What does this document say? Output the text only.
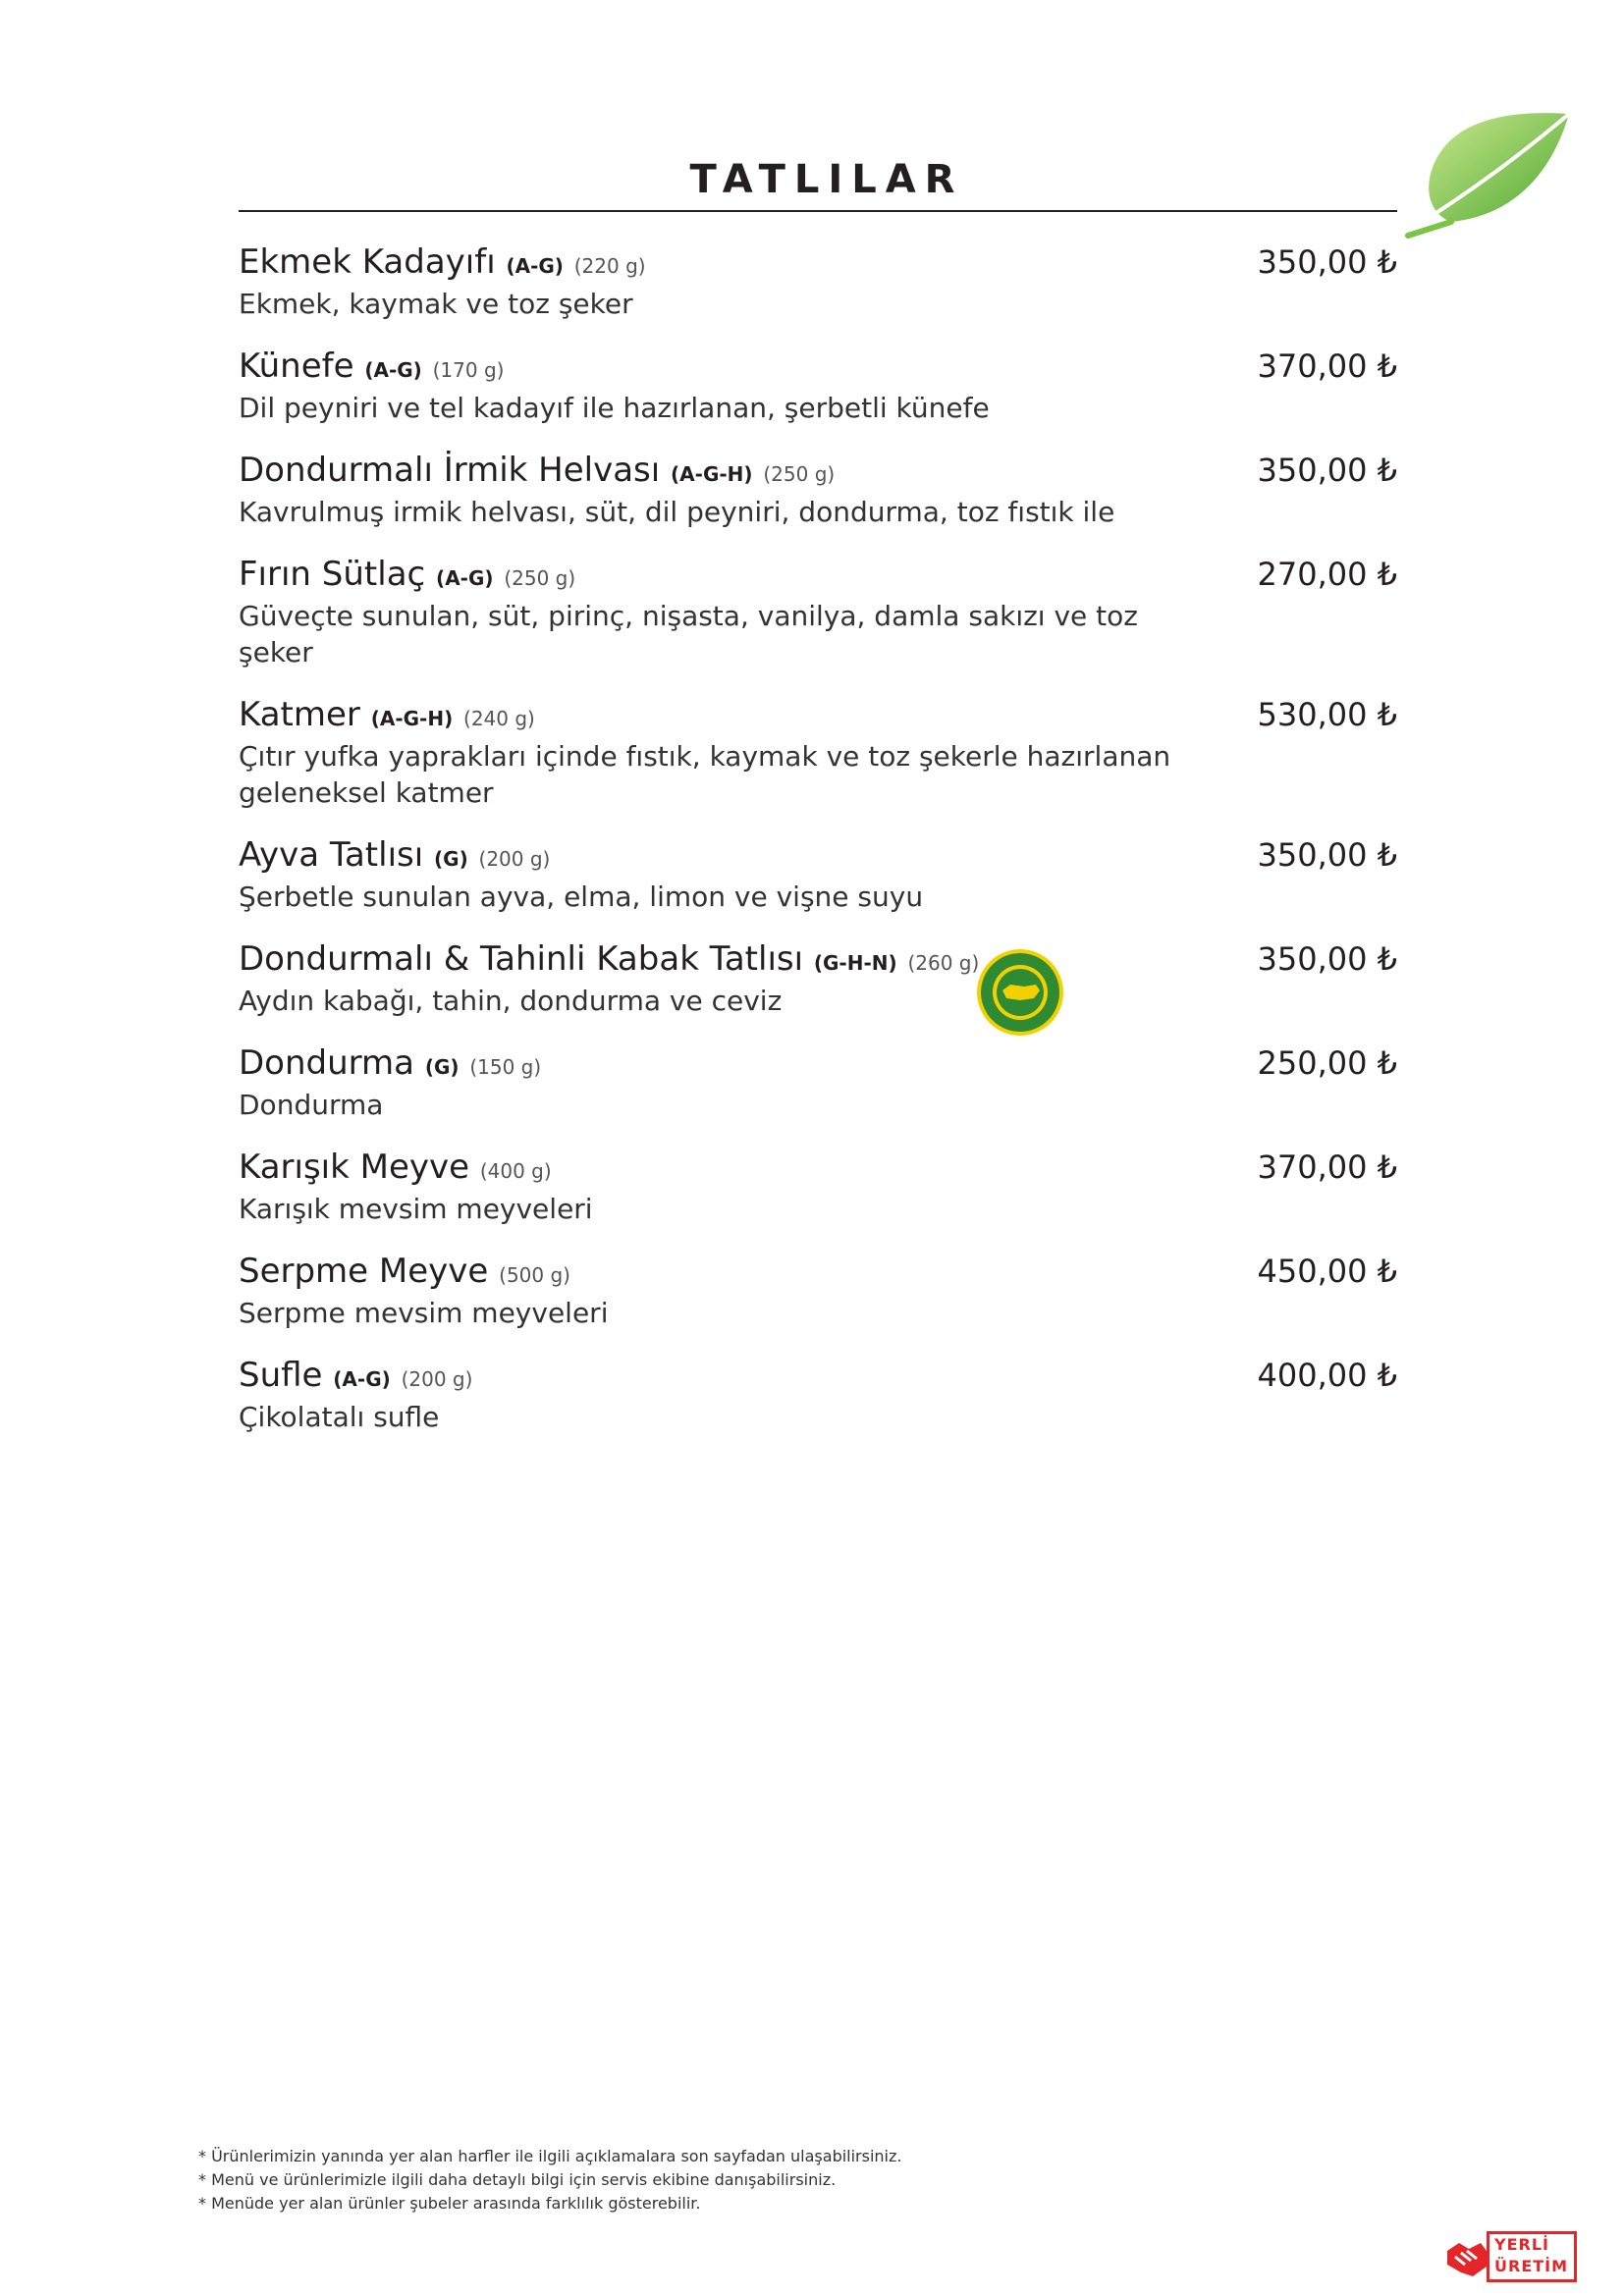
TATLILAR
Ekmek Kadayıfı (A-G) (220 g)
Ekmek, kaymak ve toz şeker
350,00 ₺
Künefe (A-G) (170 g)
Dil peyniri ve tel kadayıf ile hazırlanan, şerbetli künefe
370,00 ₺
Dondurmalı İrmik Helvası (A-G-H) (250 g)
Kavrulmuş irmik helvası, süt, dil peyniri, dondurma, toz fıstık ile
350,00 ₺
Fırın Sütlaç (A-G) (250 g)
Güveçte sunulan, süt, pirinç, nişasta, vanilya, damla sakızı ve toz şeker
270,00 ₺
Katmer (A-G-H) (240 g)
Çıtır yufka yaprakları içinde fıstık, kaymak ve toz şekerle hazırlanan geleneksel katmer
530,00 ₺
Ayva Tatlısı (G) (200 g)
Şerbetle sunulan ayva, elma, limon ve vişne suyu
350,00 ₺
Dondurmalı & Tahinli Kabak Tatlısı (G-H-N) (260 g)
Aydın kabağı, tahin, dondurma ve ceviz
350,00 ₺
Dondurma (G) (150 g)
Dondurma
250,00 ₺
Karışık Meyve (400 g)
Karışık mevsim meyveleri
370,00 ₺
Serpme Meyve (500 g)
Serpme mevsim meyveleri
450,00 ₺
Sufle (A-G) (200 g)
Çikolatalı sufle
400,00 ₺
* Ürünlerimizin yanında yer alan harfler ile ilgili açıklamalara son sayfadan ulaşabilirsiniz.
* Menü ve ürünlerimizle ilgili daha detaylı bilgi için servis ekibine danışabilirsiniz.
* Menüde yer alan ürünler şubeler arasında farklılık gösterebilir.
YERLİ
ÜRETİM
